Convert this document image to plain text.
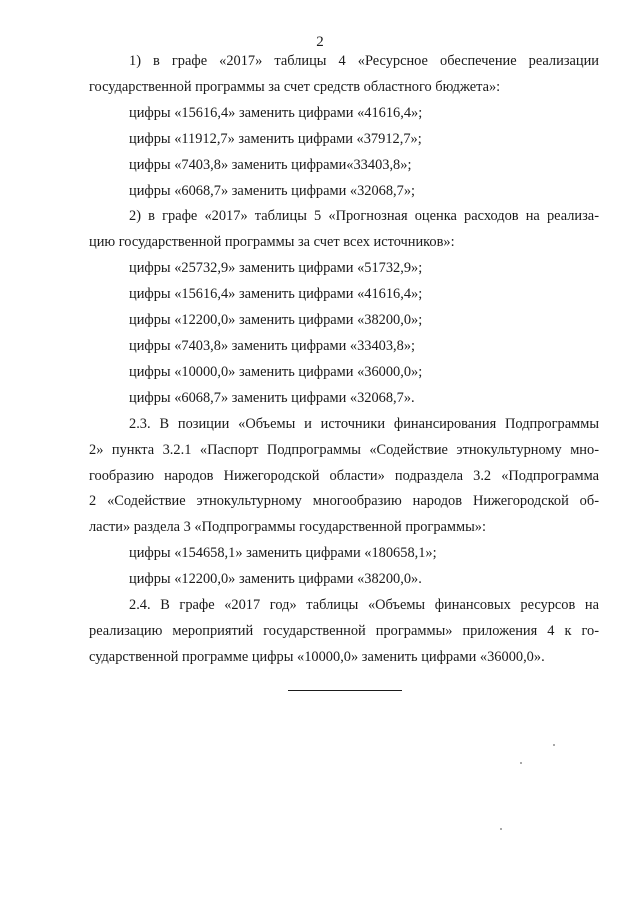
2

1) в графе «2017» таблицы 4 «Ресурсное обеспечение реализации

государственной программы за счет средств областного бюджета»:

цифры «15616,4» заменить цифрами «41616,4»;

цифры «11912,7» заменить цифрами «37912,7»;

цифры «7403,8» заменить цифрами«33403,8»;

цифры «6068,7» заменить цифрами «32068,7»;

2) в графе «2017» таблицы 5 «Прогнозная оценка расходов на реализа-

цию государственной программы за счет всех источников»:

цифры «25732,9» заменить цифрами «51732,9»;

цифры «15616,4» заменить цифрами «41616,4»;

цифры «12200,0» заменить цифрами «38200,0»;

цифры «7403,8» заменить цифрами «33403,8»;

цифры «10000,0» заменить цифрами «36000,0»;

цифры «6068,7» заменить цифрами «32068,7».

2.3. В позиции «Объемы и источники финансирования Подпрограммы

2» пункта 3.2.1 «Паспорт Подпрограммы «Содействие этнокультурному мно-

гообразию народов Нижегородской области» подраздела 3.2 «Подпрограмма

2 «Содействие этнокультурному многообразию народов Нижегородской об-

ласти» раздела 3 «Подпрограммы государственной программы»:

цифры «154658,1» заменить цифрами «180658,1»;

цифры «12200,0» заменить цифрами «38200,0».

2.4. В графе «2017 год» таблицы «Объемы финансовых ресурсов на

реализацию мероприятий государственной программы» приложения 4 к го-

сударственной программе цифры «10000,0» заменить цифрами «36000,0».
